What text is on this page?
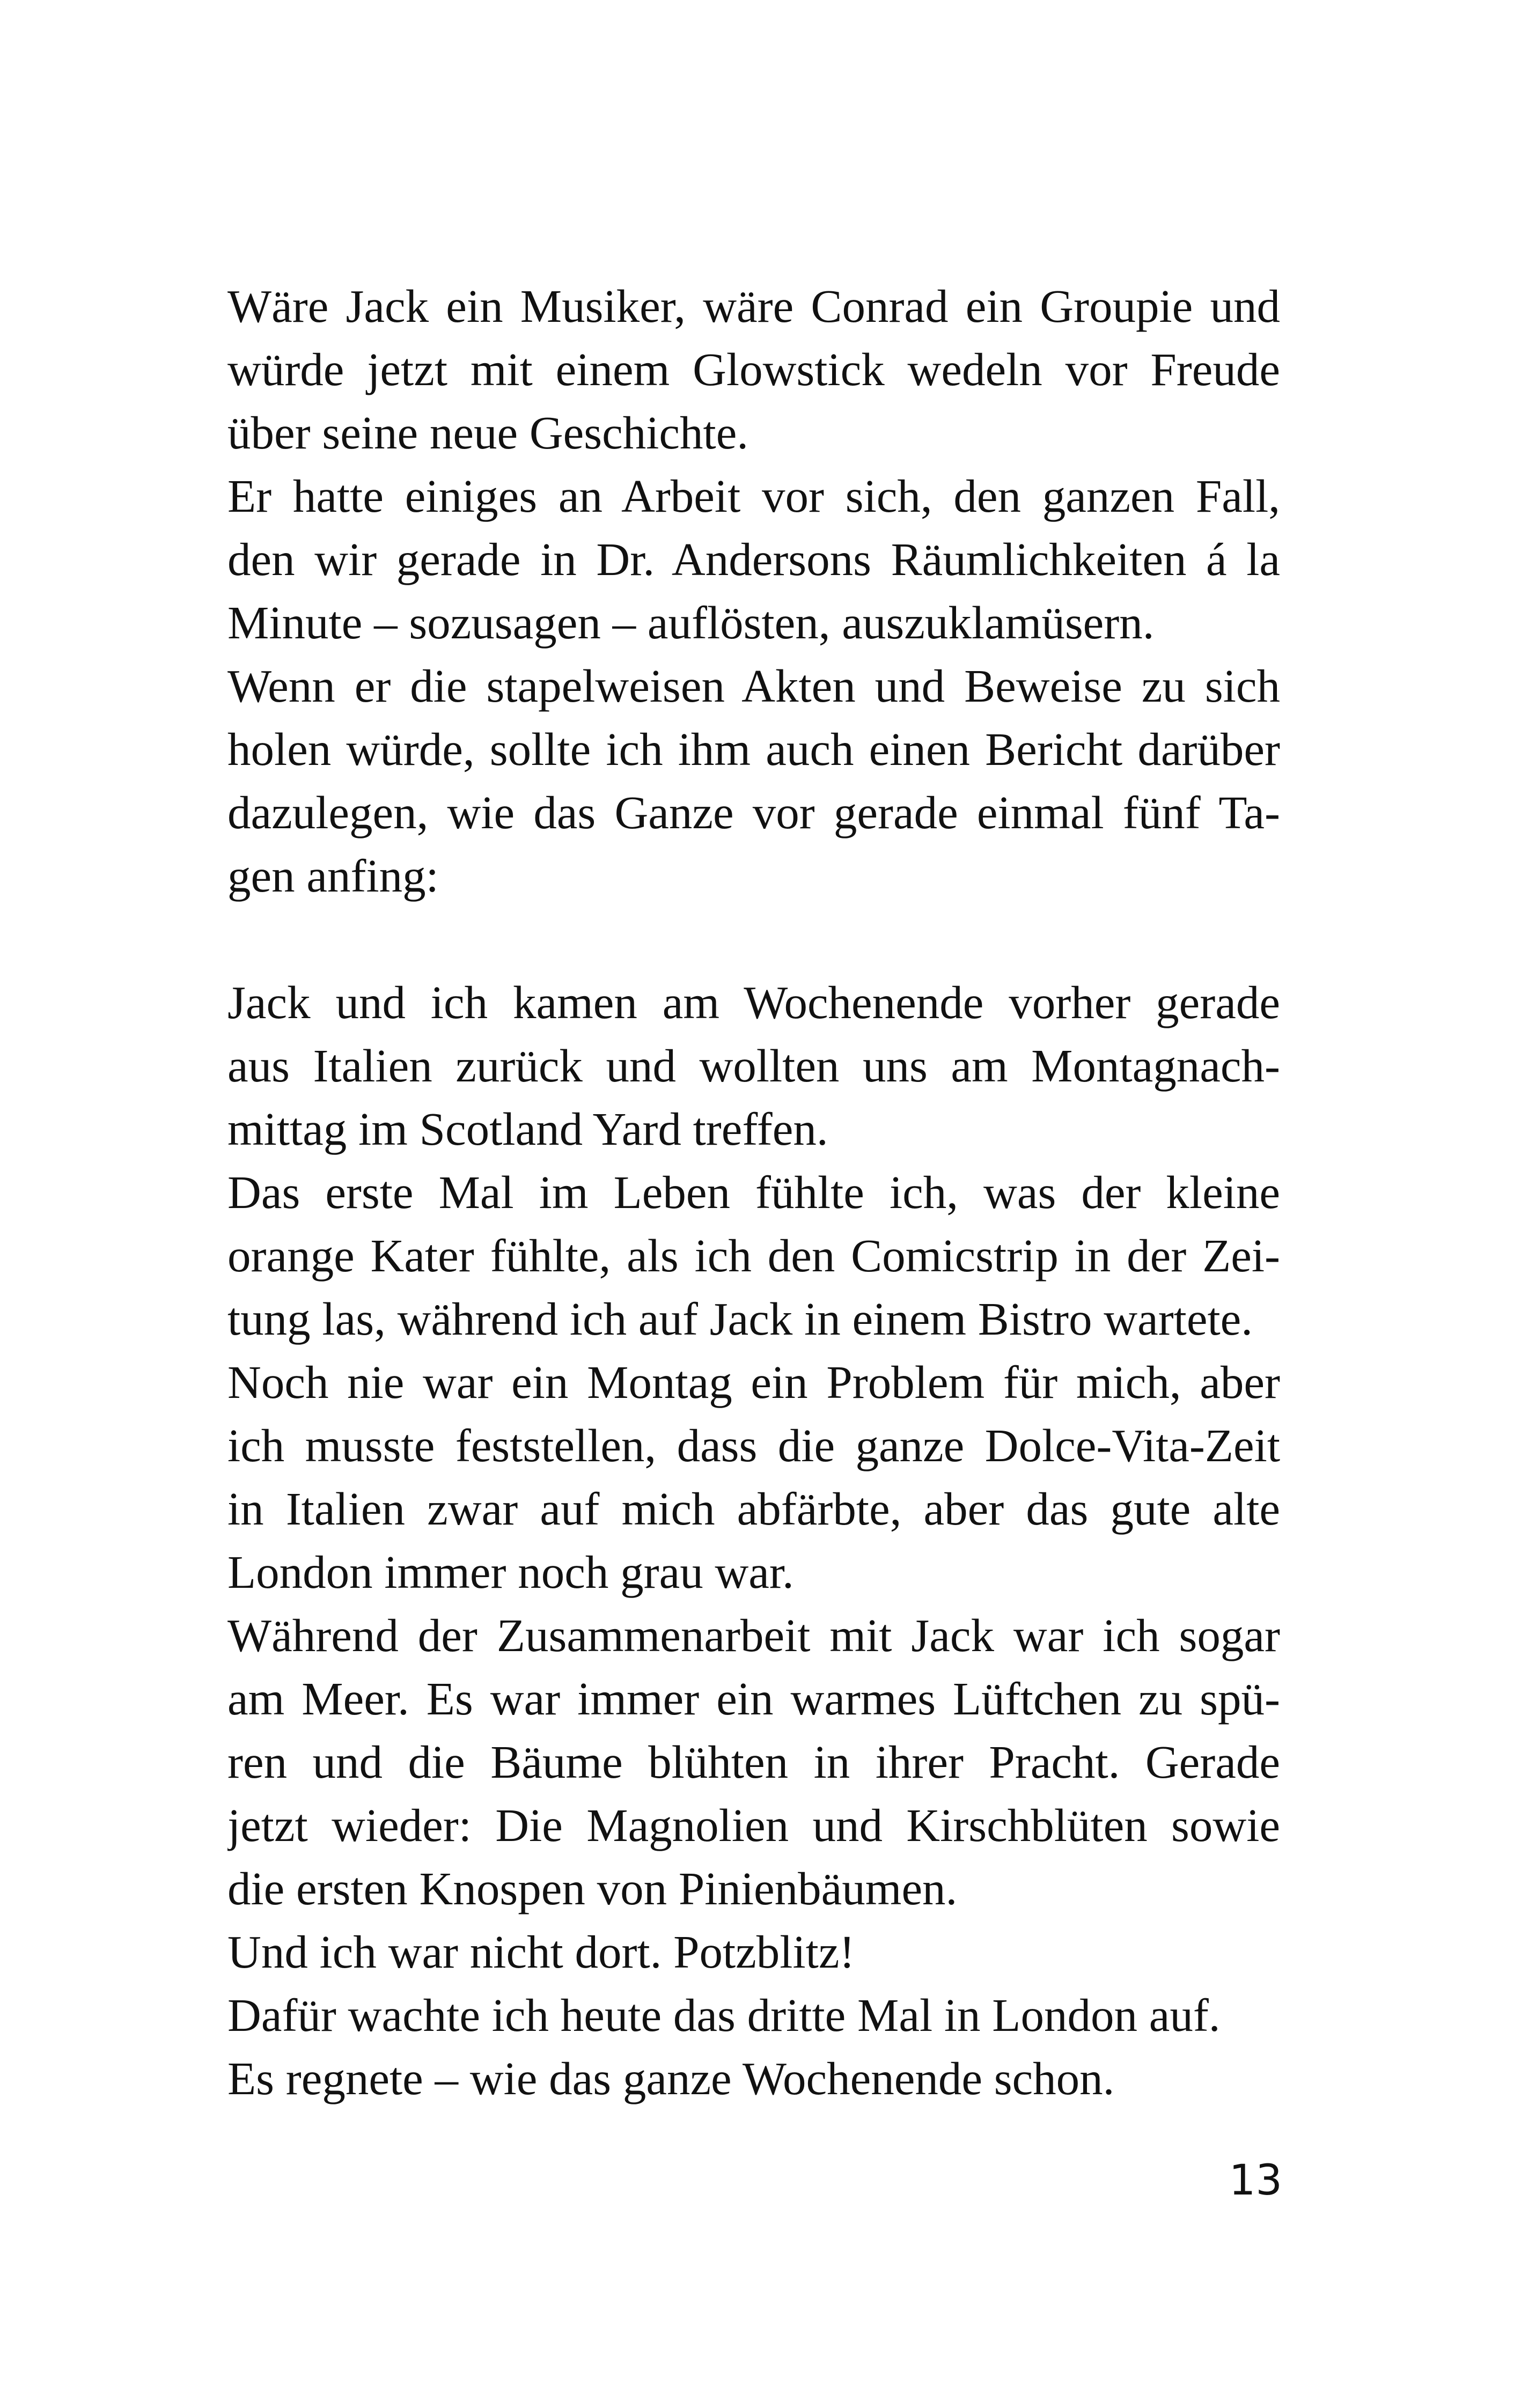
Wäre Jack ein Musiker, wäre Conrad ein Groupie und
würde jetzt mit einem Glowstick wedeln vor Freude
über seine neue Geschichte.
Er hatte einiges an Arbeit vor sich, den ganzen Fall,
den wir gerade in Dr. Andersons Räumlichkeiten á la
Minute – sozusagen – auflösten, auszuklamüsern.
Wenn er die stapelweisen Akten und Beweise zu sich
holen würde, sollte ich ihm auch einen Bericht darüber
dazulegen, wie das Ganze vor gerade einmal fünf Ta-
gen anfing:
Jack und ich kamen am Wochenende vorher gerade
aus Italien zurück und wollten uns am Montagnach-
mittag im Scotland Yard treffen.
Das erste Mal im Leben fühlte ich, was der kleine
orange Kater fühlte, als ich den Comicstrip in der Zei-
tung las, während ich auf Jack in einem Bistro wartete.
Noch nie war ein Montag ein Problem für mich, aber
ich musste feststellen, dass die ganze Dolce-Vita-Zeit
in Italien zwar auf mich abfärbte, aber das gute alte
London immer noch grau war.
Während der Zusammenarbeit mit Jack war ich sogar
am Meer. Es war immer ein warmes Lüftchen zu spü-
ren und die Bäume blühten in ihrer Pracht. Gerade
jetzt wieder: Die Magnolien und Kirschblüten sowie
die ersten Knospen von Pinienbäumen.
Und ich war nicht dort. Potzblitz!
Dafür wachte ich heute das dritte Mal in London auf.
Es regnete – wie das ganze Wochenende schon.
13
